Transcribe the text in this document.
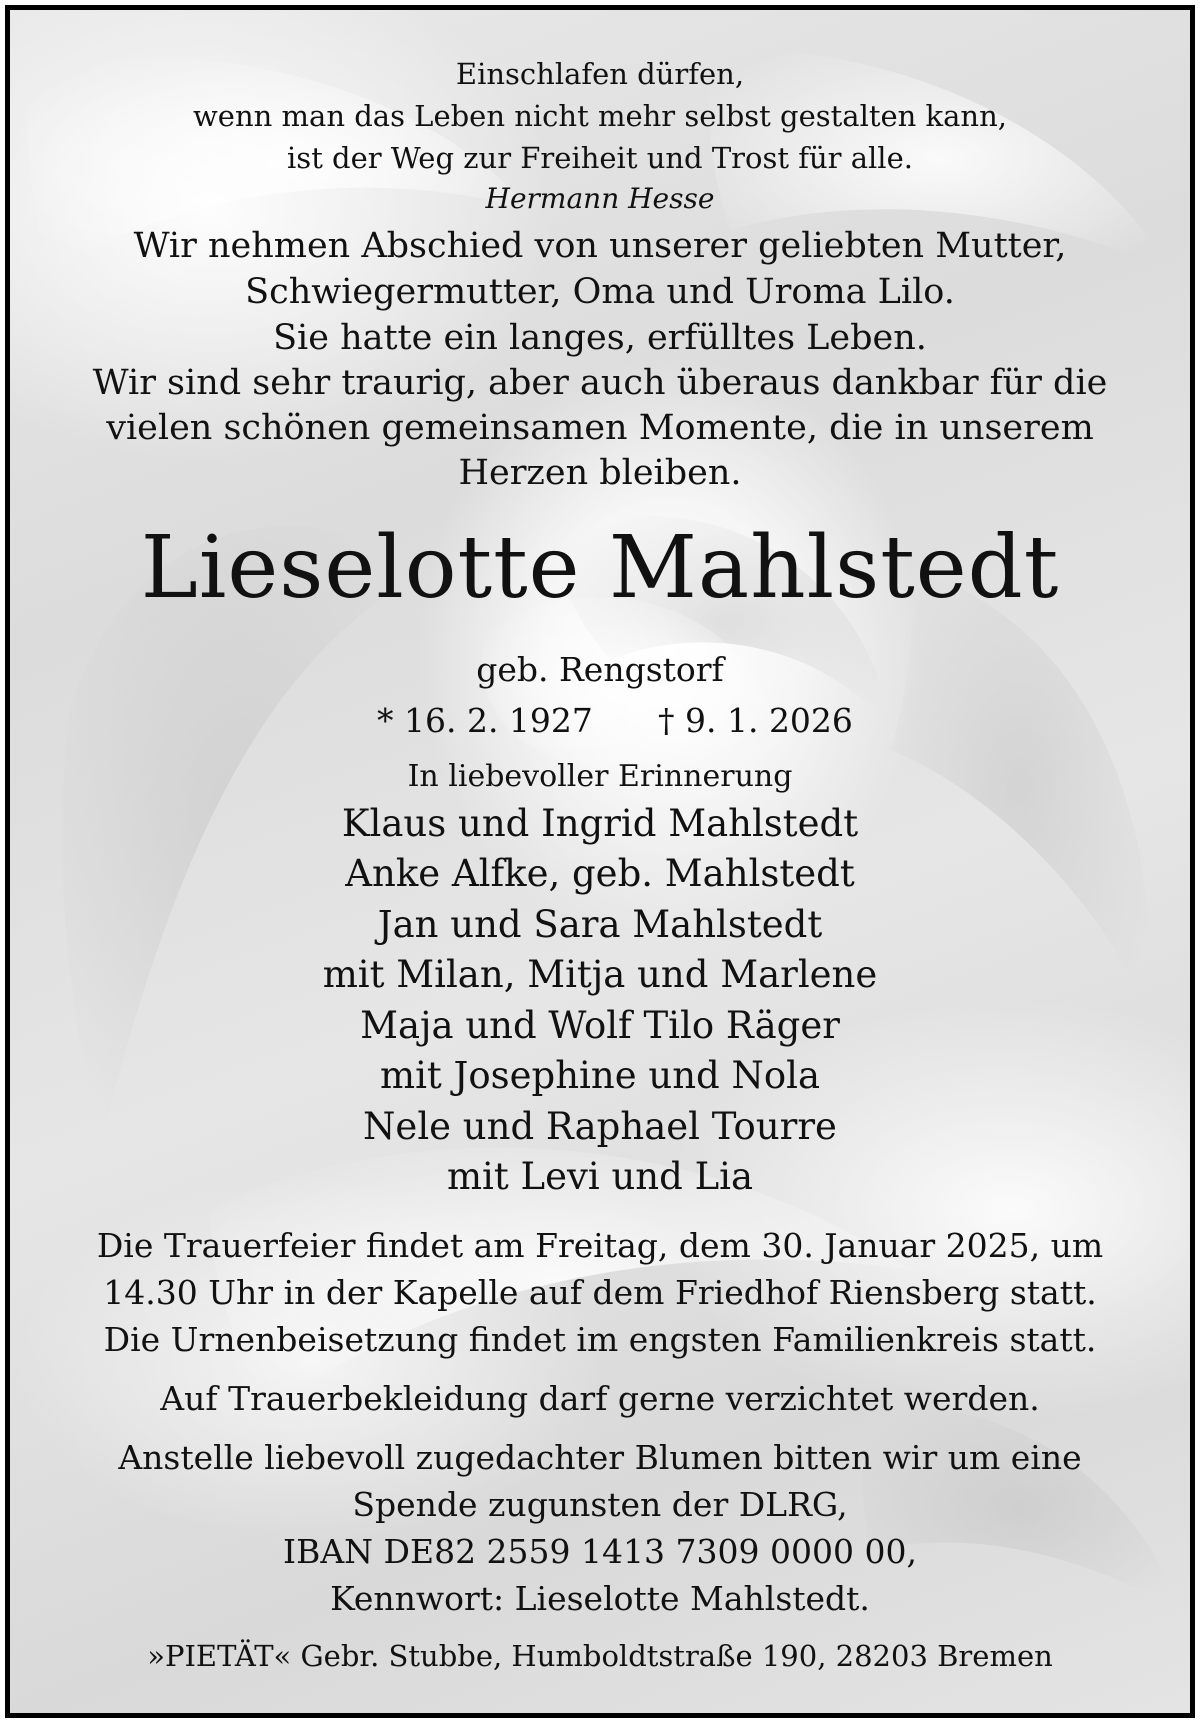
Einschlafen dürfen,
wenn man das Leben nicht mehr selbst gestalten kann,
ist der Weg zur Freiheit und Trost für alle.
Hermann Hesse
Wir nehmen Abschied von unserer geliebten Mutter,
Schwiegermutter, Oma und Uroma Lilo.
Sie hatte ein langes, erfülltes Leben.
Wir sind sehr traurig, aber auch überaus dankbar für die
vielen schönen gemeinsamen Momente, die in unserem
Herzen bleiben.
Lieselotte Mahlstedt
geb. Rengstorf
* 16. 2. 1927 † 9. 1. 2026
In liebevoller Erinnerung
Klaus und Ingrid Mahlstedt
Anke Alfke, geb. Mahlstedt
Jan und Sara Mahlstedt
mit Milan, Mitja und Marlene
Maja und Wolf Tilo Räger
mit Josephine und Nola
Nele und Raphael Tourre
mit Levi und Lia
Die Trauerfeier findet am Freitag, dem 30. Januar 2025, um
14.30 Uhr in der Kapelle auf dem Friedhof Riensberg statt.
Die Urnenbeisetzung findet im engsten Familienkreis statt.
Auf Trauerbekleidung darf gerne verzichtet werden.
Anstelle liebevoll zugedachter Blumen bitten wir um eine
Spende zugunsten der DLRG,
IBAN DE82 2559 1413 7309 0000 00,
Kennwort: Lieselotte Mahlstedt.
»PIETÄT« Gebr. Stubbe, Humboldtstraße 190, 28203 Bremen
